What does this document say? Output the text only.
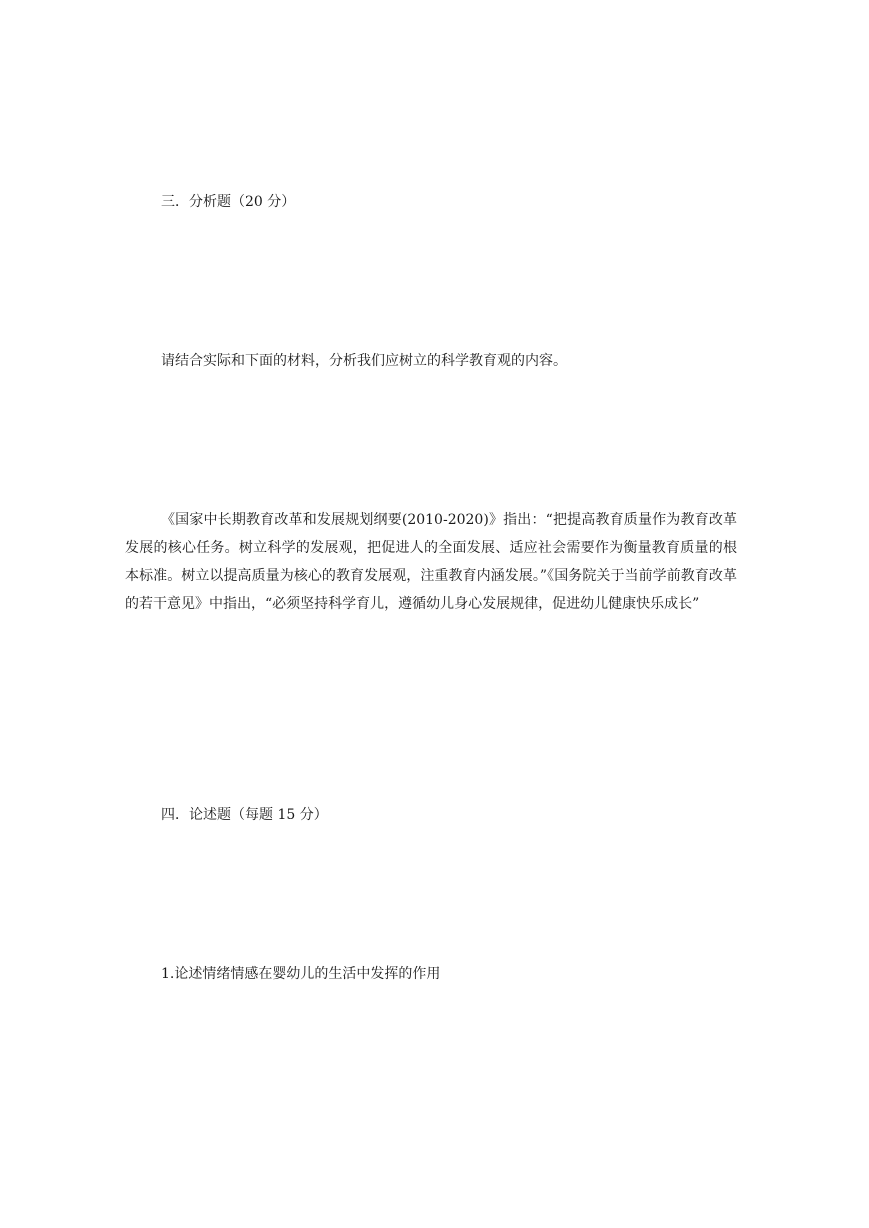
三．分析题（20 分）

请结合实际和下面的材料，分析我们应树立的科学教育观的内容。

《国家中长期教育改革和发展规划纲要(2010-2020)》指出：“把提高教育质量作为教育改革发展的核心任务。树立科学的发展观，把促进人的全面发展、适应社会需要作为衡量教育质量的根本标准。树立以提高质量为核心的教育发展观，注重教育内涵发展。”《国务院关于当前学前教育改革的若干意见》中指出，“必须坚持科学育儿，遵循幼儿身心发展规律，促进幼儿健康快乐成长”

四．论述题（每题 15 分）

1.论述情绪情感在婴幼儿的生活中发挥的作用
